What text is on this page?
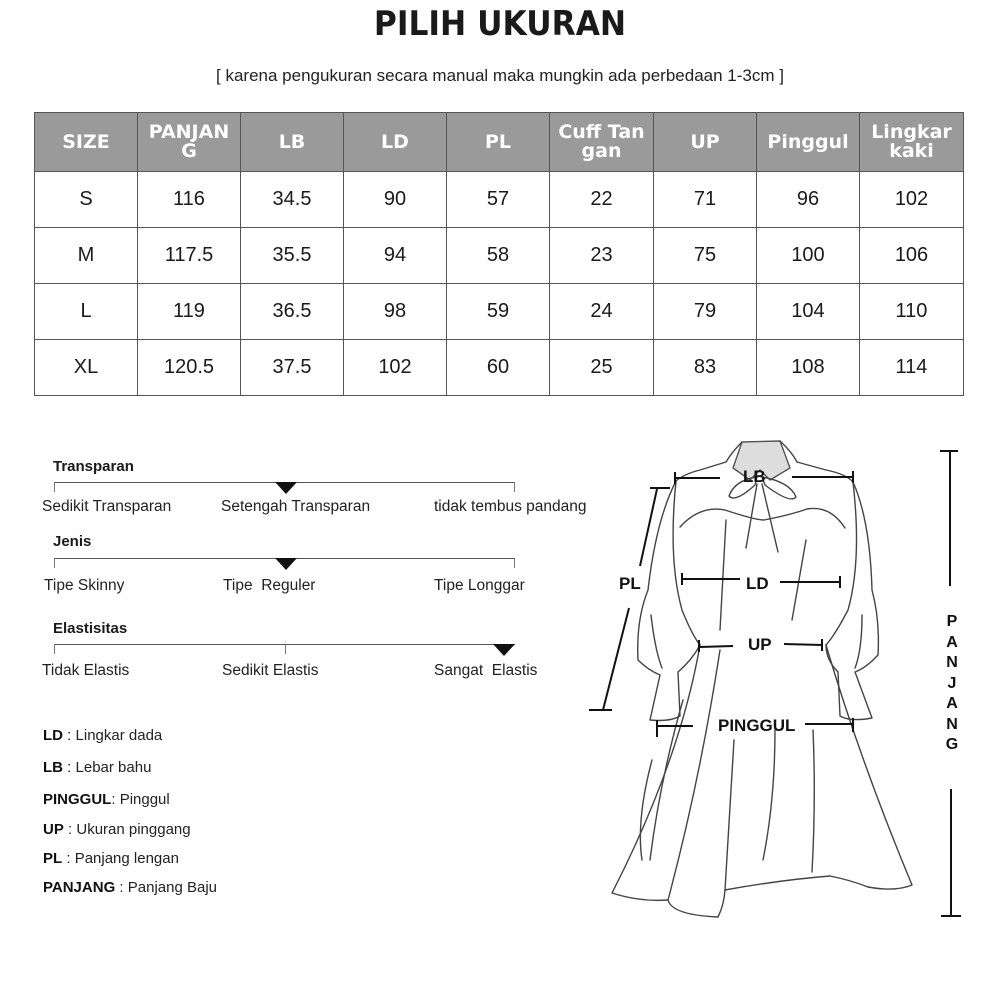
PILIH UKURAN
[ karena pengukuran secara manual maka mungkin ada perbedaan 1-3cm ]
SIZE	PANJAN G	LB	LD	PL	Cuff Tan gan	UP	Pinggul	Lingkar kaki
S	116	34.5	90	57	22	71	96	102
M	117.5	35.5	94	58	23	75	100	106
L	119	36.5	98	59	24	79	104	110
XL	120.5	37.5	102	60	25	83	108	114
Transparan
Sedikit Transparan	Setengah Transparan	tidak tembus pandang
Jenis
Tipe Skinny	Tipe  Reguler	Tipe Longgar
Elastisitas
Tidak Elastis	Sedikit Elastis	Sangat  Elastis
LD : Lingkar dada
LB : Lebar bahu
PINGGUL: Pinggul
UP : Ukuran pinggang
PL : Panjang lengan
PANJANG : Panjang Baju
LB
LD
PL
UP
PINGGUL
P
A
N
J
A
N
G
